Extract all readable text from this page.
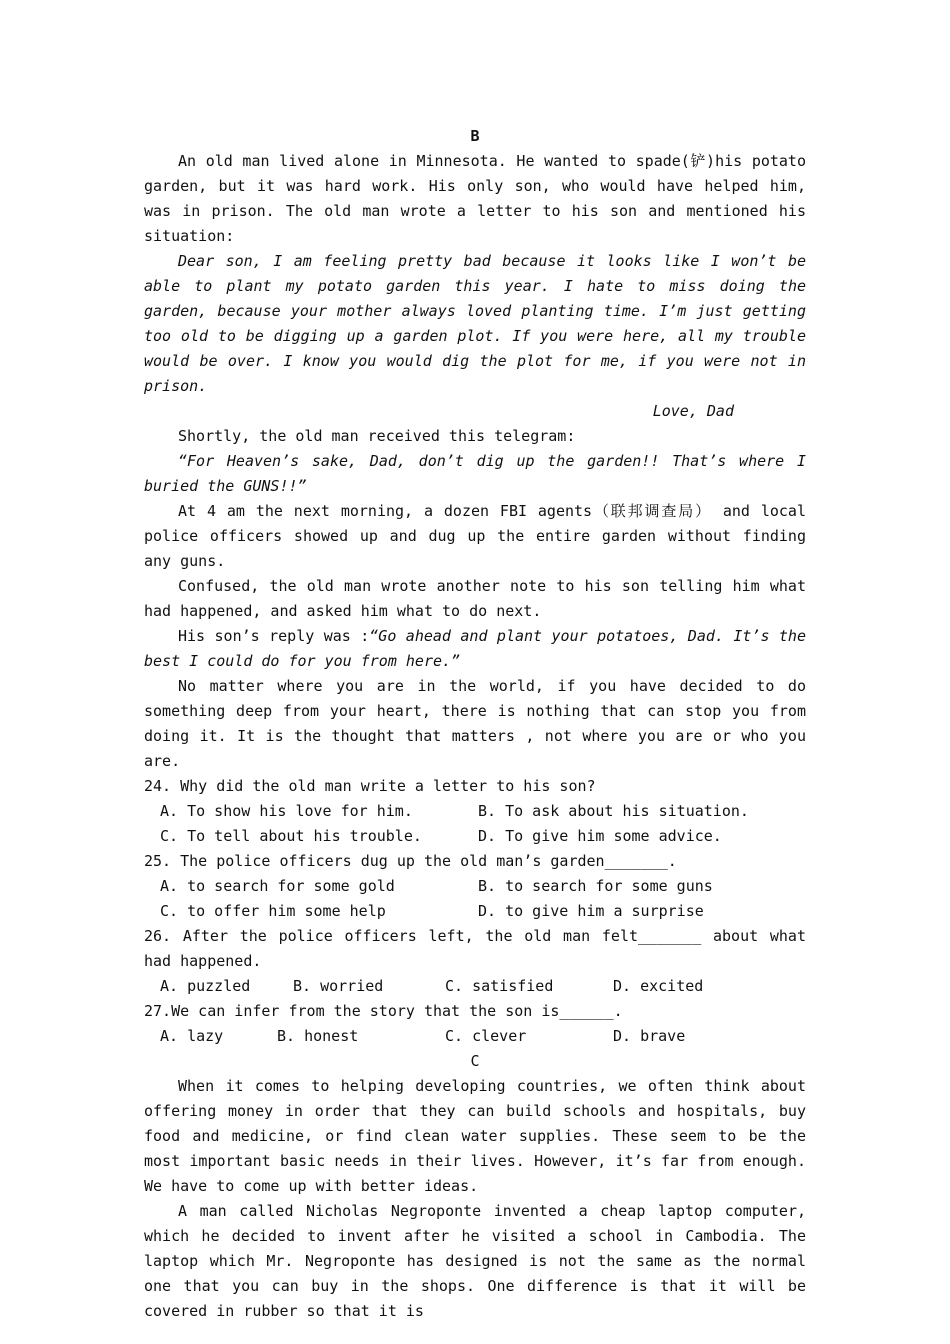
B

An old man lived alone in Minnesota. He wanted to spade(铲)his potato garden, but it was hard work. His only son, who would have helped him, was in prison. The old man wrote a letter to his son and mentioned his situation:

Dear son, I am feeling pretty bad because it looks like I won’t be able to plant my potato garden this year. I hate to miss doing the garden, because your mother always loved planting time. I’m just getting too old to be digging up a garden plot. If you were here, all my trouble would be over. I know you would dig the plot for me, if you were not in prison.

Love, Dad

Shortly, the old man received this telegram:

“For Heaven’s sake, Dad, don’t dig up the garden!! That’s where I buried the GUNS!!”

At 4 am the next morning, a dozen FBI agents（联邦调查局） and local police officers showed up and dug up the entire garden without finding any guns.

Confused, the old man wrote another note to his son telling him what had happened, and asked him what to do next.

His son’s reply was :“Go ahead and plant your potatoes, Dad. It’s the best I could do for you from here.”

No matter where you are in the world, if you have decided to do something deep from your heart, there is nothing that can stop you from doing it. It is the thought that matters , not where you are or who you are.

24. Why did the old man write a letter to his son?

A. To show his love for him.	B. To ask about his situation.
C. To tell about his trouble.	D. To give him some advice.

25. The police officers dug up the old man’s garden_______.

A. to search for some gold	B. to search for some guns
C. to offer him some help	D. to give him a surprise

26. After the police officers left, the old man felt_______ about what had happened.

A. puzzled	B. worried	C. satisfied	D. excited

27.We can infer from the story that the son is______.

A. lazy	B. honest	C. clever	D. brave
C

When it comes to helping developing countries, we often think about offering money in order that they can build schools and hospitals, buy food and medicine, or find clean water supplies. These seem to be the most important basic needs in their lives. However, it’s far from enough. We have to come up with better ideas.

A man called Nicholas Negroponte invented a cheap laptop computer, which he decided to invent after he visited a school in Cambodia. The laptop which Mr. Negroponte has designed is not the same as the normal one that you can buy in the shops. One difference is that it will be covered in rubber so that it is
